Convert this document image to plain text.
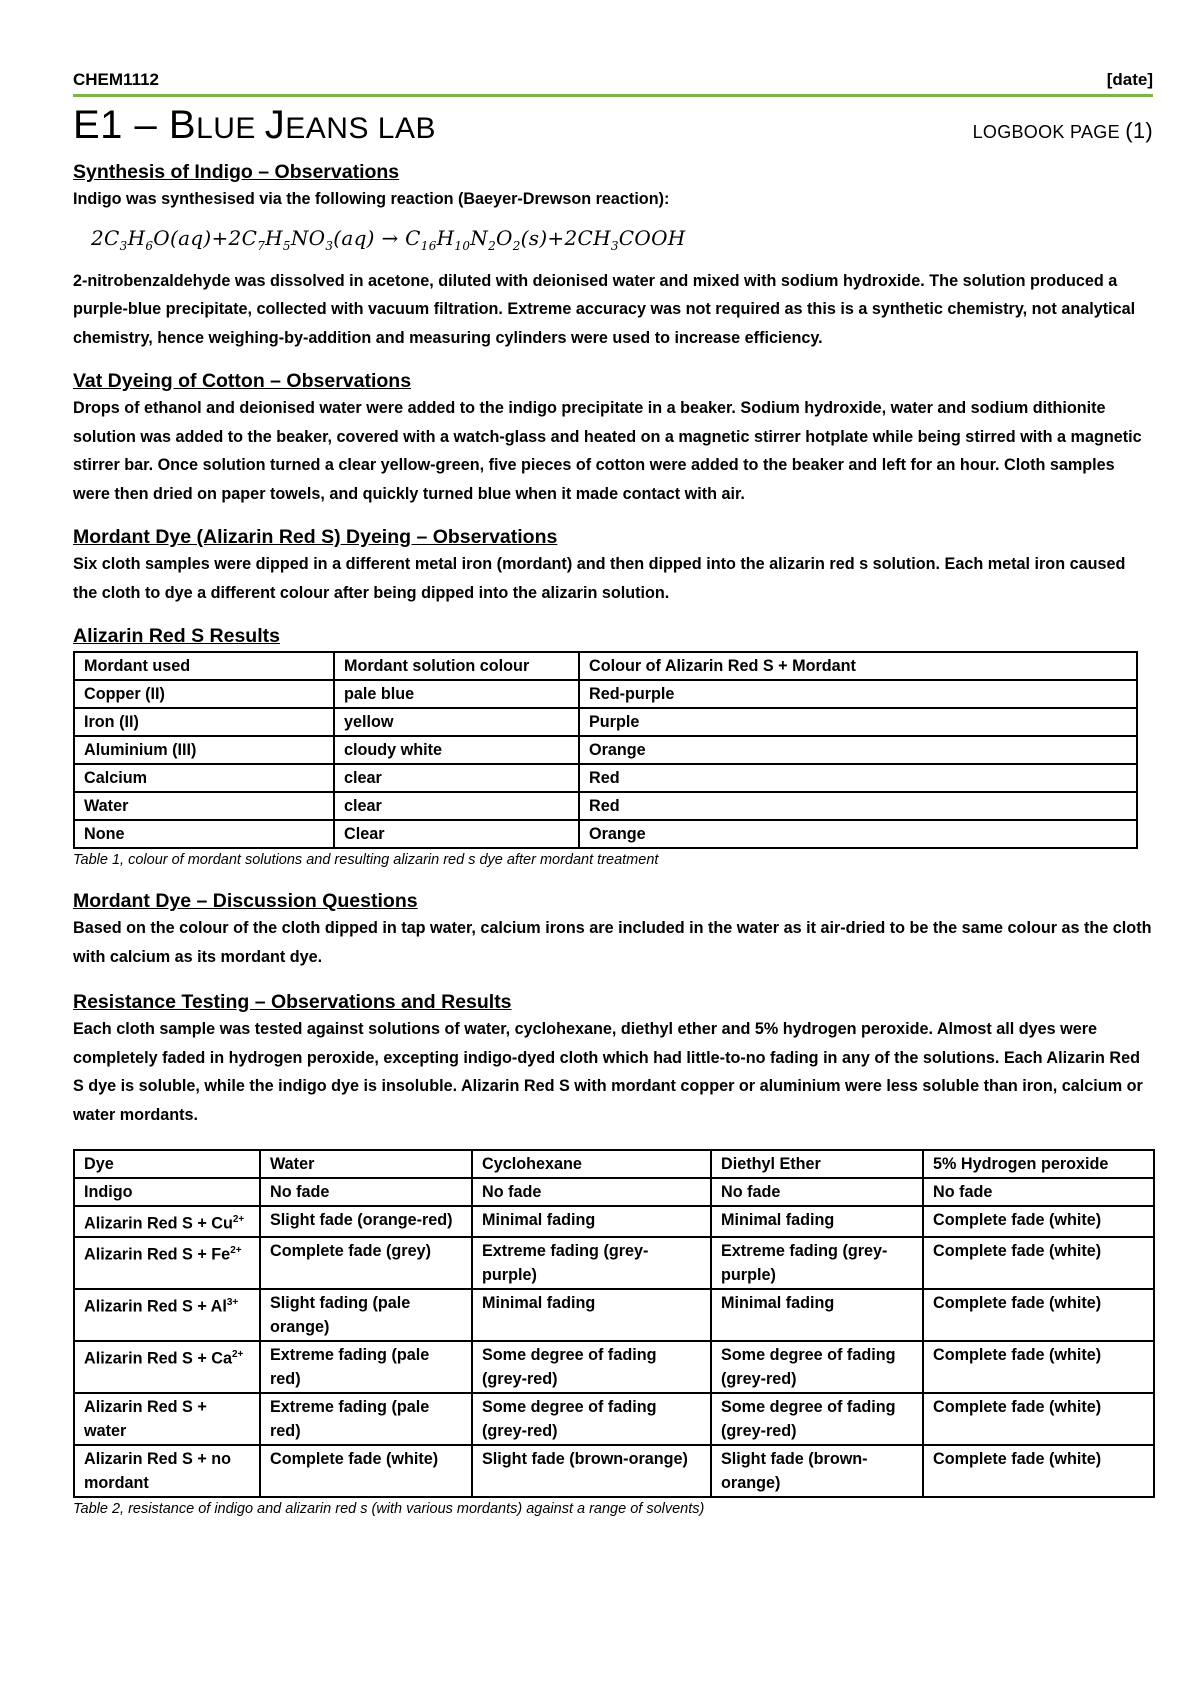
CHEM1112	[date]
E1 – BLUE JEANS LAB	LOGBOOK PAGE (1)
Synthesis of Indigo – Observations

Indigo was synthesised via the following reaction (Baeyer-Drewson reaction):

$2C_3H_6O(aq)+2C_7H_5NO_3(aq)$ → $C_{16}H_{10}N_2O_2(s)+2CH_3COOH$

2-nitrobenzaldehyde was dissolved in acetone, diluted with deionised water and mixed with sodium hydroxide. The solution produced a purple-blue precipitate, collected with vacuum filtration. Extreme accuracy was not required as this is a synthetic chemistry, not analytical chemistry, hence weighing-by-addition and measuring cylinders were used to increase efficiency.

Vat Dyeing of Cotton – Observations

Drops of ethanol and deionised water were added to the indigo precipitate in a beaker. Sodium hydroxide, water and sodium dithionite solution was added to the beaker, covered with a watch-glass and heated on a magnetic stirrer hotplate while being stirred with a magnetic stirrer bar. Once solution turned a clear yellow-green, five pieces of cotton were added to the beaker and left for an hour. Cloth samples were then dried on paper towels, and quickly turned blue when it made contact with air.

Mordant Dye (Alizarin Red S) Dyeing – Observations

Six cloth samples were dipped in a different metal iron (mordant) and then dipped into the alizarin red s solution. Each metal iron caused the cloth to dye a different colour after being dipped into the alizarin solution.

Alizarin Red S Results
Mordant used	Mordant solution colour	Colour of Alizarin Red S + Mordant
Copper (II)	pale blue	Red-purple
Iron (II)	yellow	Purple
Aluminium (III)	cloudy white	Orange
Calcium	clear	Red
Water	clear	Red
None	Clear	Orange
Table 1, colour of mordant solutions and resulting alizarin red s dye after mordant treatment
Mordant Dye – Discussion Questions

Based on the colour of the cloth dipped in tap water, calcium irons are included in the water as it air-dried to be the same colour as the cloth with calcium as its mordant dye.

Resistance Testing – Observations and Results

Each cloth sample was tested against solutions of water, cyclohexane, diethyl ether and 5% hydrogen peroxide. Almost all dyes were completely faded in hydrogen peroxide, excepting indigo-dyed cloth which had little-to-no fading in any of the solutions. Each Alizarin Red S dye is soluble, while the indigo dye is insoluble. Alizarin Red S with mordant copper or aluminium were less soluble than iron, calcium or water mordants.

Dye	Water	Cyclohexane	Diethyl Ether	5% Hydrogen peroxide
Indigo	No fade	No fade	No fade	No fade
Alizarin Red $S + Cu^{2+}$	Slight fade (orange-red)	Minimal fading	Minimal fading	Complete fade (white)
Alizarin Red $S + Fe^{2+}$	Complete fade (grey)	Extreme fading (grey-purple)	Extreme fading (grey-purple)	Complete fade (white)
Alizarin Red $S + Al^{3+}$	Slight fading (pale orange)	Minimal fading	Minimal fading	Complete fade (white)
Alizarin Red $S + Ca^{2+}$	Extreme fading (pale red)	Some degree of fading (grey-red)	Some degree of fading (grey-red)	Complete fade (white)
Alizarin Red S + water	Extreme fading (pale red)	Some degree of fading (grey-red)	Some degree of fading (grey-red)	Complete fade (white)
Alizarin Red S + no mordant	Complete fade (white)	Slight fade (brown-orange)	Slight fade (brown-orange)	Complete fade (white)
Table 2, resistance of indigo and alizarin red s (with various mordants) against a range of solvents)
